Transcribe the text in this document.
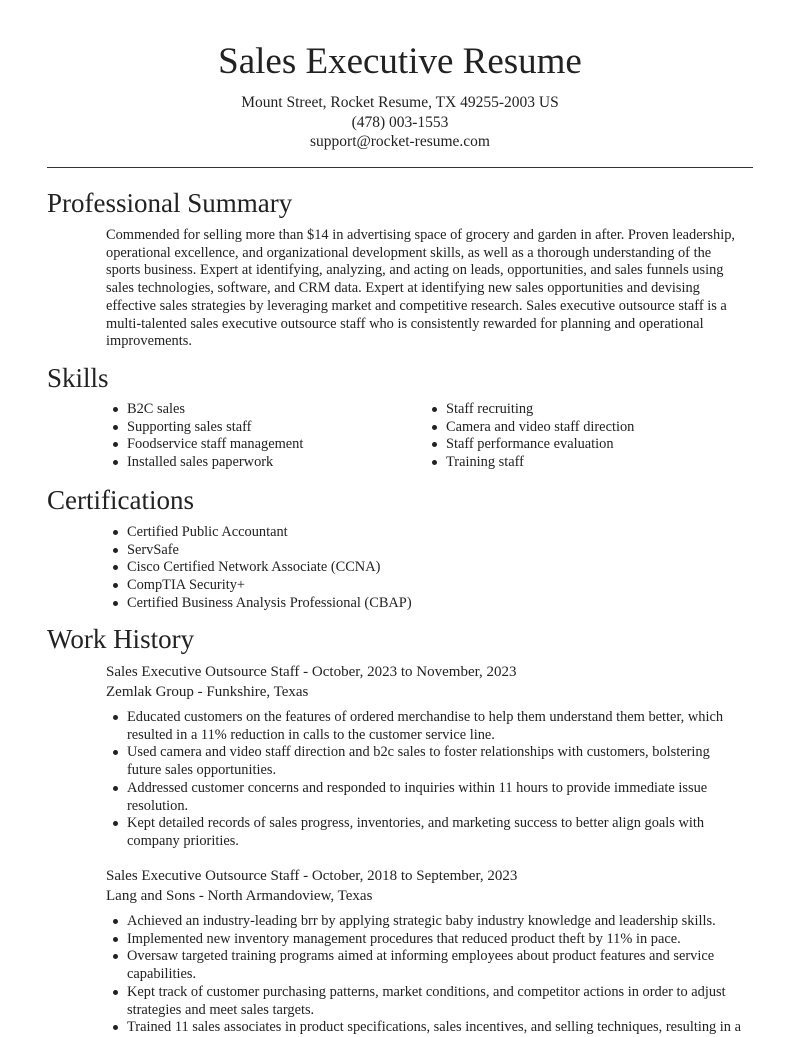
Sales Executive Resume
Mount Street, Rocket Resume, TX 49255-2003 US
(478) 003-1553
support@rocket-resume.com
Professional Summary
Commended for selling more than $14 in advertising space of grocery and garden in after. Proven leadership,
operational excellence, and organizational development skills, as well as a thorough understanding of the
sports business. Expert at identifying, analyzing, and acting on leads, opportunities, and sales funnels using
sales technologies, software, and CRM data. Expert at identifying new sales opportunities and devising
effective sales strategies by leveraging market and competitive research. Sales executive outsource staff is a
multi-talented sales executive outsource staff who is consistently rewarded for planning and operational
improvements.
Skills
B2C sales
Supporting sales staff
Foodservice staff management
Installed sales paperwork
Staff recruiting
Camera and video staff direction
Staff performance evaluation
Training staff
Certifications
Certified Public Accountant
ServSafe
Cisco Certified Network Associate (CCNA)
CompTIA Security+
Certified Business Analysis Professional (CBAP)
Work History
Sales Executive Outsource Staff - October, 2023 to November, 2023
Zemlak Group - Funkshire, Texas
Educated customers on the features of ordered merchandise to help them understand them better, which
resulted in a 11% reduction in calls to the customer service line.
Used camera and video staff direction and b2c sales to foster relationships with customers, bolstering
future sales opportunities.
Addressed customer concerns and responded to inquiries within 11 hours to provide immediate issue
resolution.
Kept detailed records of sales progress, inventories, and marketing success to better align goals with
company priorities.
Sales Executive Outsource Staff - October, 2018 to September, 2023
Lang and Sons - North Armandoview, Texas
Achieved an industry-leading brr by applying strategic baby industry knowledge and leadership skills.
Implemented new inventory management procedures that reduced product theft by 11% in pace.
Oversaw targeted training programs aimed at informing employees about product features and service
capabilities.
Kept track of customer purchasing patterns, market conditions, and competitor actions in order to adjust
strategies and meet sales targets.
Trained 11 sales associates in product specifications, sales incentives, and selling techniques, resulting in a
